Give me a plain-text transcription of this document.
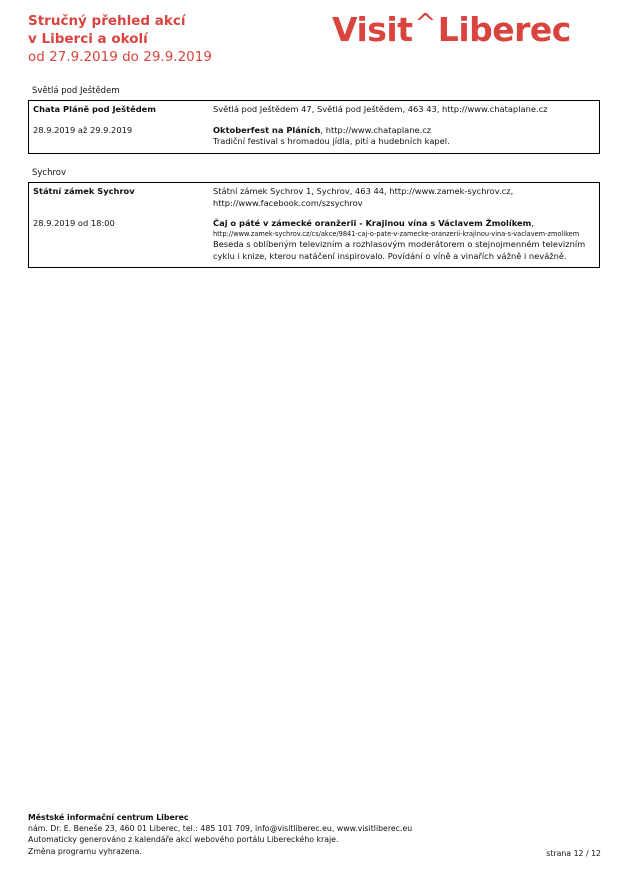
Stručný přehled akcí
v Liberci a okolí
od 27.9.2019 do 29.9.2019
Visit^Liberec
Světlá pod Ještědem
Chata Pláně pod Ještědem	Světlá pod Ještědem 47, Světlá pod Ještědem, 463 43, http://www.chataplane.cz
28.9.2019 až 29.9.2019	Oktoberfest na Pláních, http://www.chataplane.cz
Tradiční festival s hromadou jídla, pití a hudebních kapel.
Sychrov
Státní zámek Sychrov	Státní zámek Sychrov 1, Sychrov, 463 44, http://www.zamek-sychrov.cz, http://www.facebook.com/szsychrov
28.9.2019 od 18:00	Čaj o páté v zámecké oranžerii - Krajinou vína s Václavem Žmolíkem,
http://www.zamek-sychrov.cz/cs/akce/9841-caj-o-pate-v-zamecke-oranzerii-krajinou-vina-s-vaclavem-zmolikem
Beseda s oblíbeným televizním a rozhlasovým moderátorem o stejnojmenném televizním cyklu i knize, kterou natáčení inspirovalo. Povídání o víně a vinařích vážně i nevážně.
Městské informační centrum Liberec
nám. Dr. E. Beneše 23, 460 01 Liberec, tel.: 485 101 709, info@visitliberec.eu, www.visitliberec.eu
Automaticky generováno z kalendáře akcí webového portálu Libereckého kraje.
Změna programu vyhrazena.	strana 12 / 12
